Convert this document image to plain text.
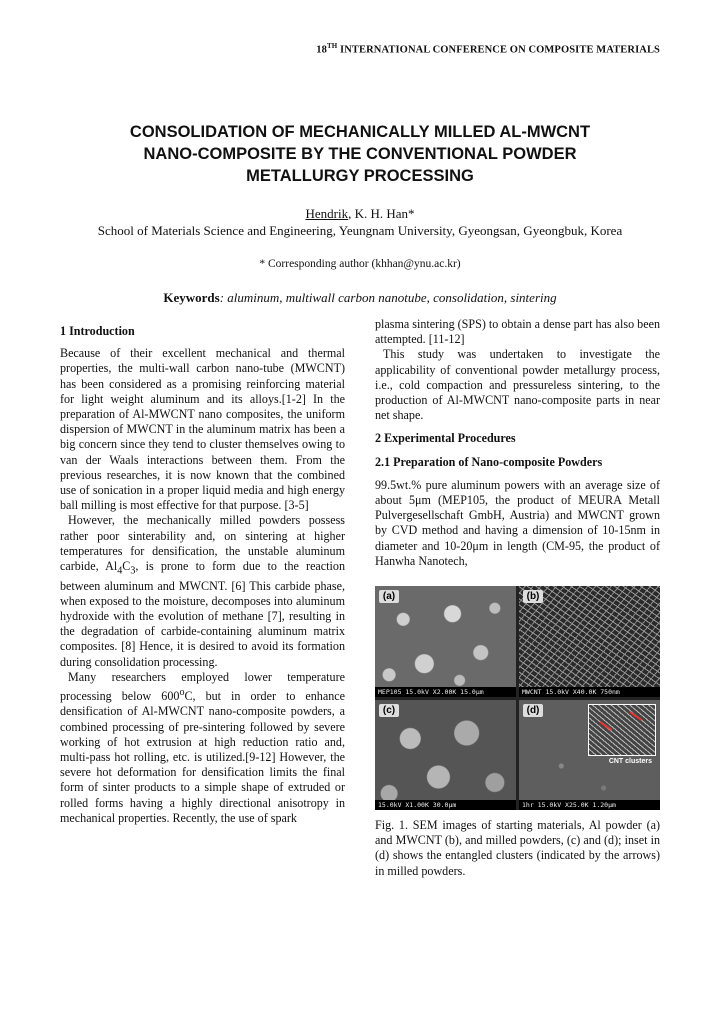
18TH INTERNATIONAL CONFERENCE ON COMPOSITE MATERIALS
CONSOLIDATION OF MECHANICALLY MILLED AL-MWCNT
NANO-COMPOSITE BY THE CONVENTIONAL POWDER
METALLURGY PROCESSING
Hendrik, K. H. Han*
School of Materials Science and Engineering, Yeungnam University, Gyeongsan, Gyeongbuk, Korea
* Corresponding author (khhan@ynu.ac.kr)
Keywords: aluminum, multiwall carbon nanotube, consolidation, sintering
1 Introduction

Because of their excellent mechanical and thermal properties, the multi-wall carbon nano-tube (MWCNT) has been considered as a promising reinforcing material for light weight aluminum and its alloys.[1-2] In the preparation of Al-MWCNT nano composites, the uniform dispersion of MWCNT in the aluminum matrix has been a big concern since they tend to cluster themselves owing to van der Waals interactions between them. From the previous researches, it is now known that the combined use of sonication in a proper liquid media and high energy ball milling is most effective for that purpose. [3-5]

However, the mechanically milled powders possess rather poor sinterability and, on sintering at higher temperatures for densification, the unstable aluminum carbide, $Al_4C_3$, is prone to form due to the reaction between aluminum and MWCNT. [6] This carbide phase, when exposed to the moisture, decomposes into aluminum hydroxide with the evolution of methane [7], resulting in the degradation of carbide-containing aluminum matrix composites. [8] Hence, it is desired to avoid its formation during consolidation processing.

Many researchers employed lower temperature processing below 600$^o$C, but in order to enhance densification of Al-MWCNT nano-composite powders, a combined processing of pre-sintering followed by severe working of hot extrusion at high reduction ratio and, multi-pass hot rolling, etc. is utilized.[9-12] However, the severe hot deformation for densification limits the final form of sinter products to a simple shape of extruded or rolled forms having a highly directional anisotropy in mechanical properties. Recently, the use of spark

plasma sintering (SPS) to obtain a dense part has also been attempted. [11-12]

This study was undertaken to investigate the applicability of conventional powder metallurgy process, i.e., cold compaction and pressureless sintering, to the production of Al-MWCNT nano-composite parts in near net shape.

2 Experimental Procedures
2.1 Preparation of Nano-composite Powders

99.5wt.% pure aluminum powers with an average size of about 5μm (MEP105, the product of MEURA Metall Pulvergesellschaft GmbH, Austria) and MWCNT grown by CVD method and having a dimension of 10-15nm in diameter and 10-20μm in length (CM-95, the product of Hanwha Nanotech,

(a)
MEP105 15.0kV X2.00K 15.0μm
(b)
MWCNT 15.0kV X40.0K 750nm
(c)
15.0kV X1.00K 30.0μm
(d)
CNT clusters
1hr 15.0kV X25.0K 1.20μm
Fig. 1. SEM images of starting materials, Al powder (a) and MWCNT (b), and milled powders, (c) and (d); inset in (d) shows the entangled clusters (indicated by the arrows) in milled powders.
